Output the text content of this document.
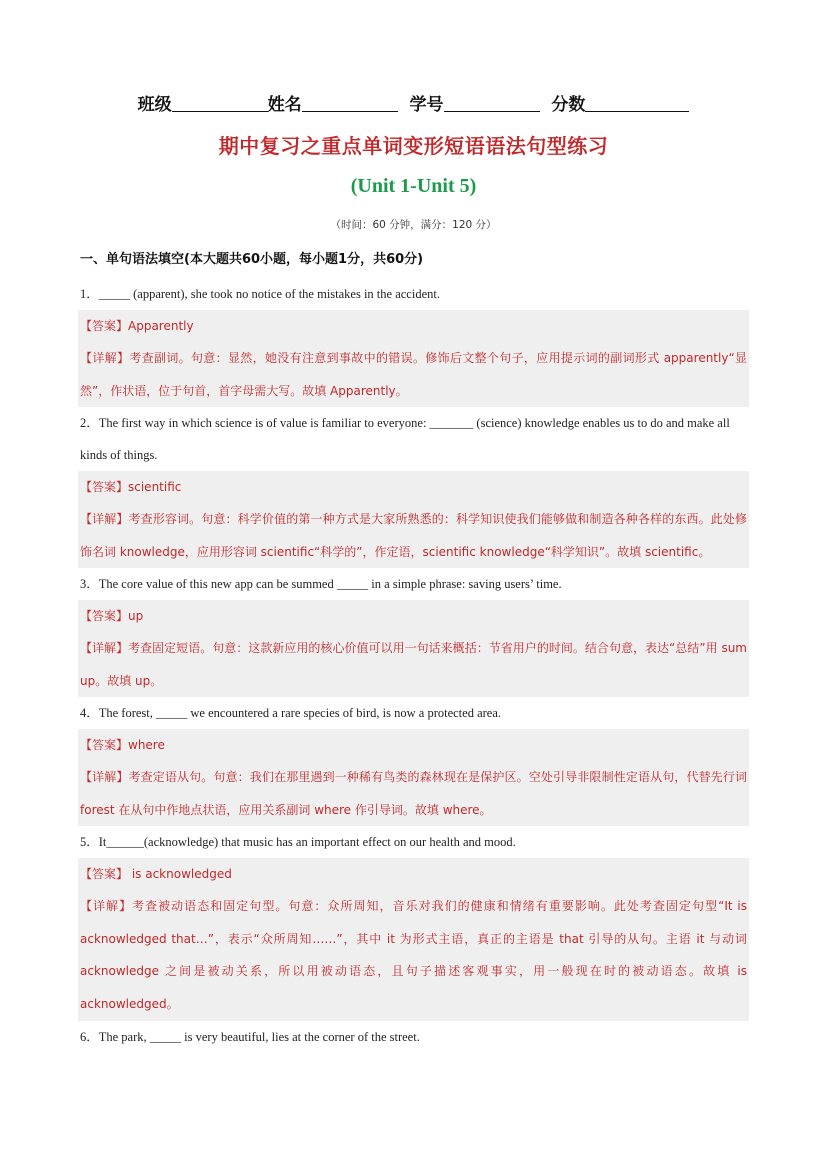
班级	姓名	学号	分数
期中复习之重点单词变形短语语法句型练习
(Unit 1-Unit 5)
（时间：60 分钟，满分：120 分）
一、单句语法填空(本大题共60小题，每小题1分，共60分)

1．_____ (apparent), she took no notice of the mistakes in the accident.

【答案】Apparently

【详解】考查副词。句意：显然，她没有注意到事故中的错误。修饰后文整个句子，应用提示词的副词形式 apparently“显然”，作状语，位于句首，首字母需大写。故填 Apparently。

2．The first way in which science is of value is familiar to everyone: _______ (science) knowledge enables us to do and make all kinds of things.

【答案】scientific

【详解】考查形容词。句意：科学价值的第一种方式是大家所熟悉的：科学知识使我们能够做和制造各种各样的东西。此处修饰名词 knowledge，应用形容词 scientific“科学的”，作定语，scientific knowledge“科学知识”。故填 scientific。

3．The core value of this new app can be summed _____ in a simple phrase: saving users’ time.

【答案】up

【详解】考查固定短语。句意：这款新应用的核心价值可以用一句话来概括：节省用户的时间。结合句意，表达“总结”用 sum up。故填 up。

4．The forest, _____ we encountered a rare species of bird, is now a protected area.

【答案】where

【详解】考查定语从句。句意：我们在那里遇到一种稀有鸟类的森林现在是保护区。空处引导非限制性定语从句，代替先行词 forest 在从句中作地点状语，应用关系副词 where 作引导词。故填 where。

5．It______(acknowledge) that music has an important effect on our health and mood.

【答案】 is acknowledged

【详解】考查被动语态和固定句型。句意：众所周知，音乐对我们的健康和情绪有重要影响。此处考查固定句型“It is acknowledged that…”，表示“众所周知……”，其中 it 为形式主语，真正的主语是 that 引导的从句。主语 it 与动词 acknowledge 之间是被动关系，所以用被动语态，且句子描述客观事实，用一般现在时的被动语态。故填 is acknowledged。

6．The park, _____ is very beautiful, lies at the corner of the street.
